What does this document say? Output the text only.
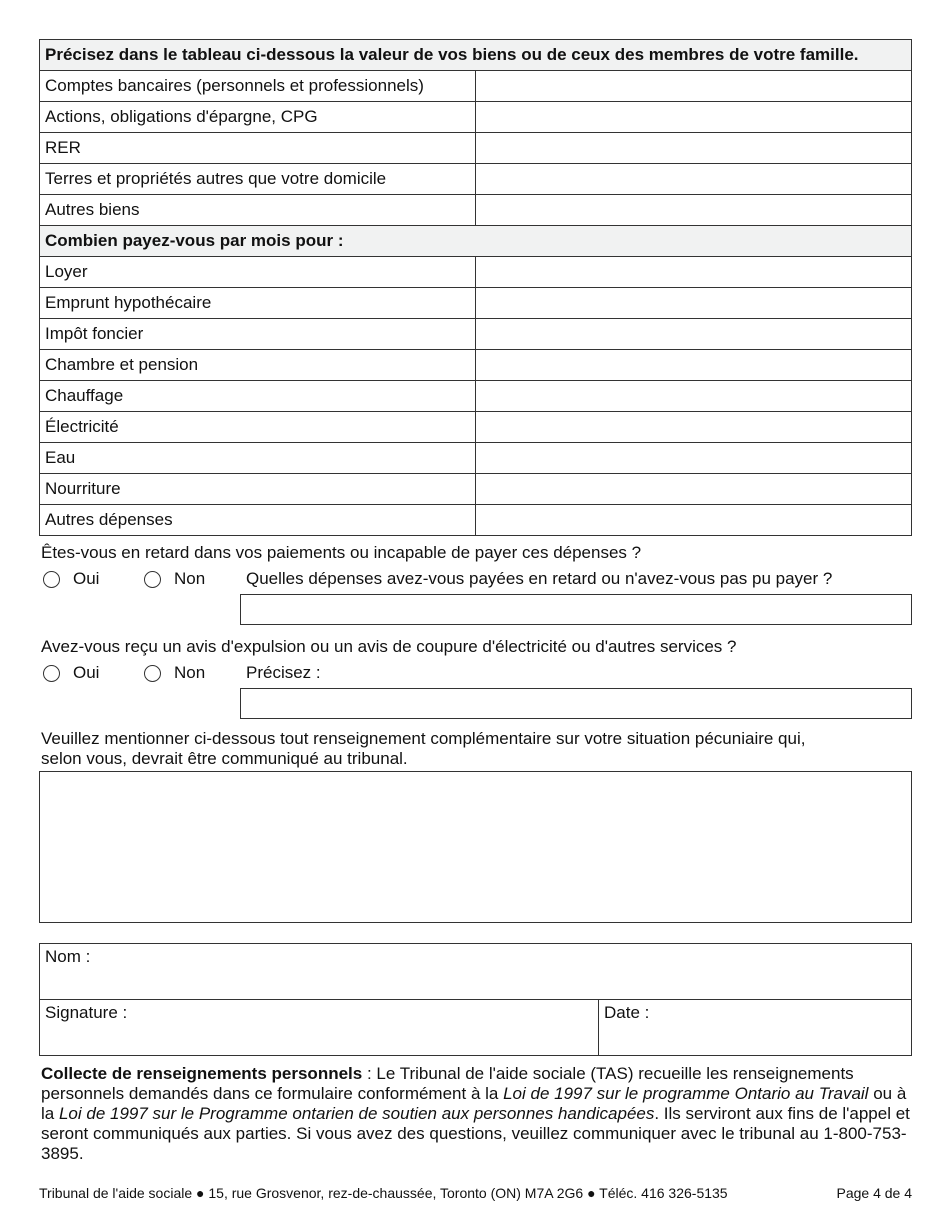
Précisez dans le tableau ci-dessous la valeur de vos biens ou de ceux des membres de votre famille.	
Comptes bancaires (personnels et professionnels)	
Actions, obligations d'épargne, CPG	
RER	
Terres et propriétés autres que votre domicile	
Autres biens	
Combien payez-vous par mois pour :	
Loyer	
Emprunt hypothécaire	
Impôt foncier	
Chambre et pension	
Chauffage	
Électricité	
Eau	
Nourriture	
Autres dépenses	
Êtes-vous en retard dans vos paiements ou incapable de payer ces dépenses ?
Oui	Non Quelles dépenses avez-vous payées en retard ou n'avez-vous pas pu payer ?
Avez-vous reçu un avis d'expulsion ou un avis de coupure d'électricité ou d'autres services ?
Oui	Non Précisez :
Veuillez mentionner ci-dessous tout renseignement complémentaire sur votre situation pécuniaire qui,
selon vous, devrait être communiqué au tribunal.
Nom :
Signature :	Date :
Collecte de renseignements personnels : Le Tribunal de l'aide sociale (TAS) recueille les renseignements personnels demandés dans ce formulaire conformément à la Loi de 1997 sur le programme Ontario au Travail ou à la Loi de 1997 sur le Programme ontarien de soutien aux personnes handicapées. Ils serviront aux fins de l'appel et seront communiqués aux parties. Si vous avez des questions, veuillez communiquer avec le tribunal au 1-800-753-3895.
Tribunal de l'aide sociale ● 15, rue Grosvenor, rez-de-chaussée, Toronto (ON) M7A 2G6 ● Téléc. 416 326-5135	Page 4 de 4
